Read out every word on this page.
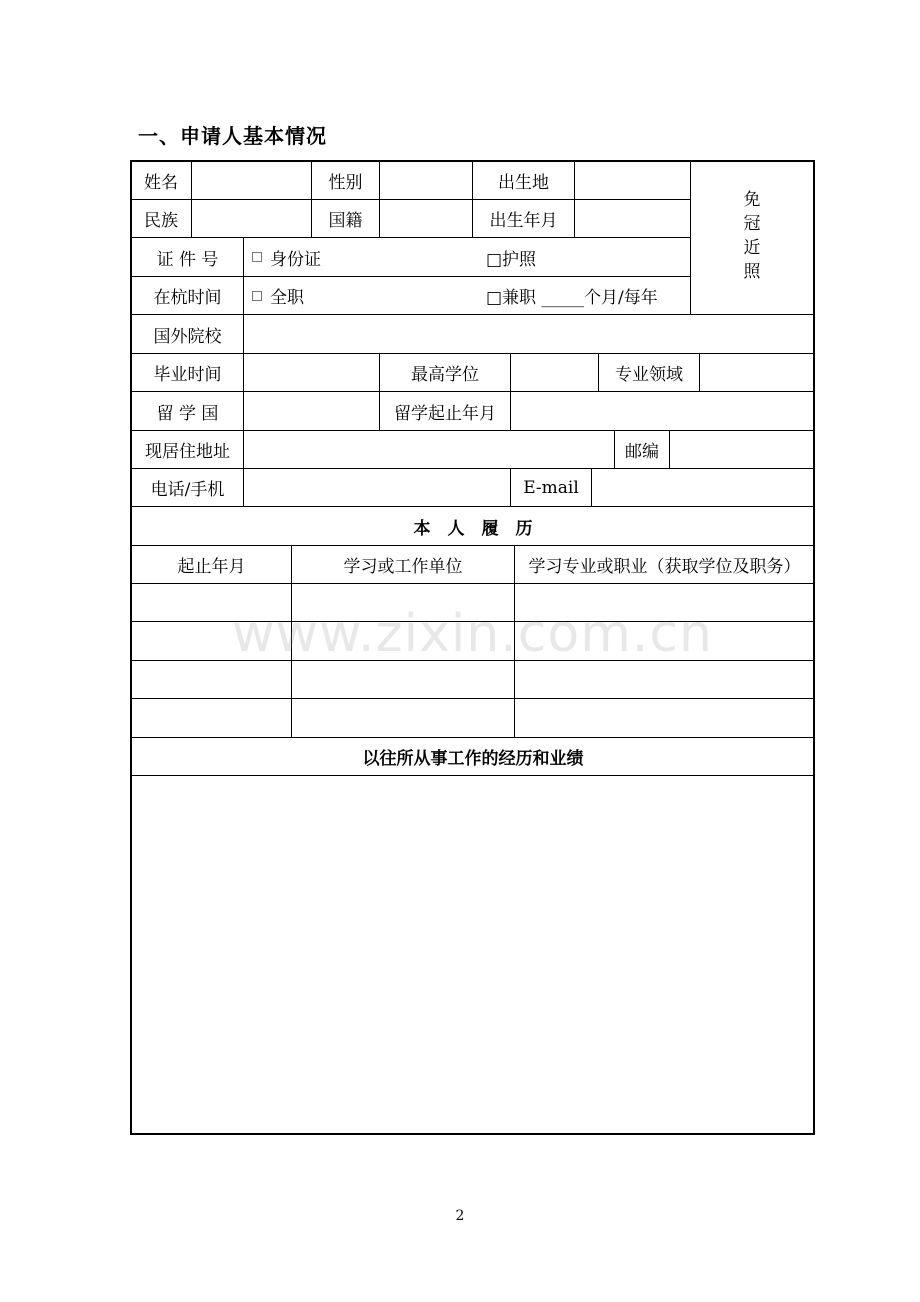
一、申请人基本情况
姓名	性别	出生地
民族	国籍	出生年月
免
冠
近
照
证 件 号	身份证	□护照
在杭时间	全职	□兼职 _____个月/每年
国外院校
毕业时间	最高学位	专业领域
留 学 国	留学起止年月
现居住地址	邮编
电话/手机	E-mail
本　人　履　历
起止年月	学习或工作单位	学习专业或职业（获取学位及职务）
以往所从事工作的经历和业绩
www.zixin.com.cn
2
